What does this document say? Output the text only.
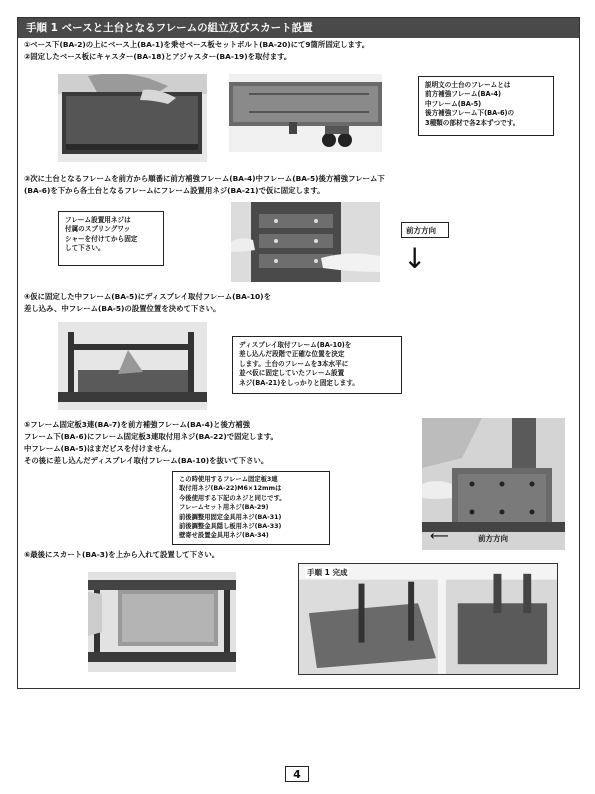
手順 1 ベースと土台となるフレームの組立及びスカート設置
①ベース下(BA-2)の上にベース上(BA-1)を乗せベース板セットボルト(BA-20)にて9箇所固定します。
②固定したベース板にキャスター(BA-18)とアジャスター(BA-19)を取付ます。
説明文の土台のフレームとは
前方補強フレーム(BA-4)
中フレーム(BA-5)
後方補強フレーム下(BA-6)の
3種類の部材で各2本ずつです。
③次に土台となるフレームを前方から順番に前方補強フレーム(BA-4)中フレーム(BA-5)後方補強フレーム下
(BA-6)を下から各土台となるフレームにフレーム設置用ネジ(BA-21)で仮に固定します。
フレーム設置用ネジは
付属のスプリングワッ
シャーを付けてから固定
して下さい。
前方方向
↓
④仮に固定した中フレーム(BA-5)にディスプレイ取付フレーム(BA-10)を
差し込み、中フレーム(BA-5)の設置位置を決めて下さい。
ディスプレイ取付フレーム(BA-10)を
差し込んだ段階で正確な位置を決定
します。土台のフレームを3本水平に
並べ仮に固定していたフレーム設置
ネジ(BA-21)をしっかりと固定します。
⑤フレーム固定板3連(BA-7)を前方補強フレーム(BA-4)と後方補強
フレーム下(BA-6)にフレーム固定板3連取付用ネジ(BA-22)で固定します。
中フレーム(BA-5)はまだビスを付けません。
その後に差し込んだディスプレイ取付フレーム(BA-10)を抜いて下さい。
⟵	前方方向
この時使用するフレーム固定板3連
取付用ネジ(BA-22)M6×12mmは
今後使用する下記のネジと同じです。
フレームセット用ネジ(BA-29)
前後調整用固定金具用ネジ(BA-31)
前後調整金具隠し板用ネジ(BA-33)
壁寄せ設置金具用ネジ(BA-34)
⑥最後にスカート(BA-3)を上から入れて設置して下さい。
手順 1 完成
4
